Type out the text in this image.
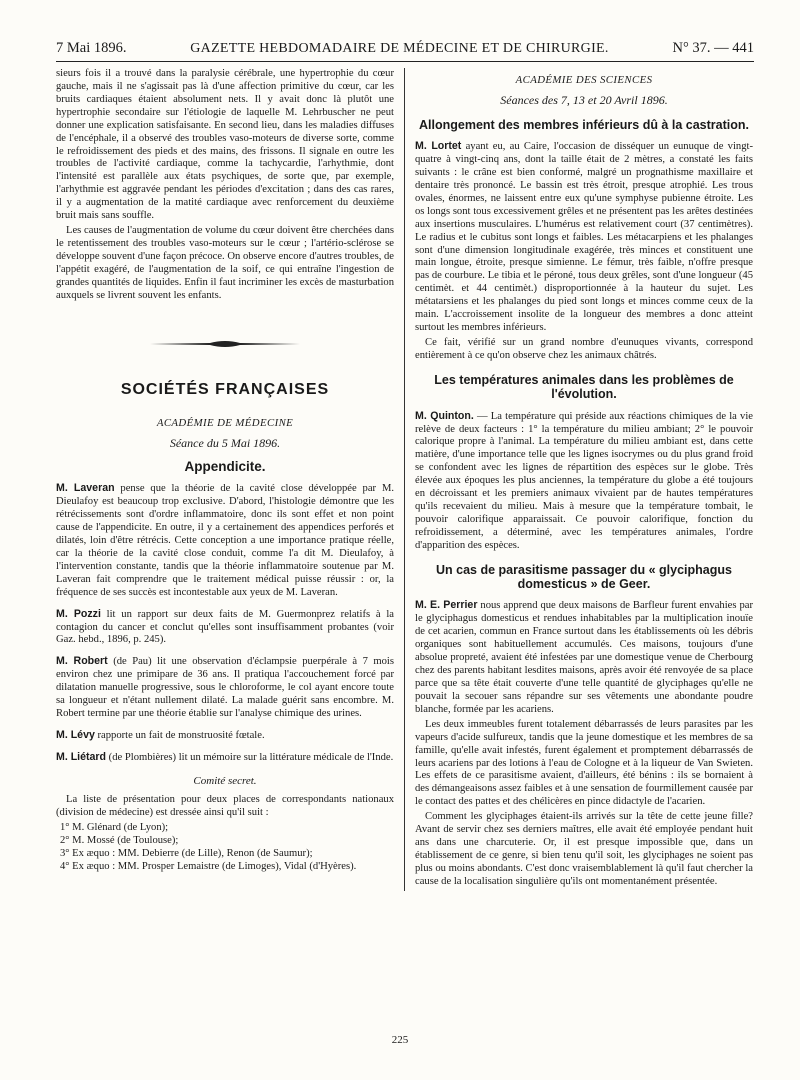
7 Mai 1896.	GAZETTE HEBDOMADAIRE DE MÉDECINE ET DE CHIRURGIE.	N° 37. — 441

sieurs fois il a trouvé dans la paralysie cérébrale, une hypertrophie du cœur gauche, mais il ne s'agissait pas là d'une affection primitive du cœur, car les bruits cardiaques étaient absolument nets. Il y avait donc là plutôt une hypertrophie secondaire sur l'étiologie de laquelle M. Lehrbuscher ne peut donner une explication satisfaisante. En second lieu, dans les maladies diffuses de l'encéphale, il a observé des troubles vaso-moteurs de diverse sorte, comme le refroidissement des pieds et des mains, des frissons. Il signale en outre les troubles de l'activité cardiaque, comme la tachycardie, l'arhythmie, dont l'intensité est parallèle aux états psychiques, de sorte que, par exemple, l'arhythmie est aggravée pendant les périodes d'excitation ; dans des cas rares, il y a augmentation de la matité cardiaque avec renforcement du deuxième bruit mais sans souffle.

Les causes de l'augmentation de volume du cœur doivent être cherchées dans le retentissement des troubles vaso-moteurs sur le cœur ; l'artério-sclérose se développe souvent d'une façon précoce. On observe encore d'autres troubles, de l'appétit exagéré, de l'augmentation de la soif, ce qui entraîne l'ingestion de grandes quantités de liquides. Enfin il faut incriminer les excès de masturbation auxquels se livrent souvent les enfants.

SOCIÉTÉS FRANÇAISES
ACADÉMIE DE MÉDECINE
Séance du 5 Mai 1896.
Appendicite.

M. Laveran pense que la théorie de la cavité close développée par M. Dieulafoy est beaucoup trop exclusive. D'abord, l'histologie démontre que les rétrécissements sont d'ordre inflammatoire, donc ils sont effet et non point cause de l'appendicite. En outre, il y a certainement des appendices perforés et dilatés, loin d'être rétrécis. Cette conception a une importance pratique réelle, car la théorie de la cavité close conduit, comme l'a dit M. Dieulafoy, à l'intervention constante, tandis que la théorie inflammatoire soutenue par M. Laveran fait comprendre que le traitement médical puisse réussir : or, la fréquence de ses succès est incontestable aux yeux de M. Laveran.

M. Pozzi lit un rapport sur deux faits de M. Guermonprez relatifs à la contagion du cancer et conclut qu'elles sont insuffisamment probantes (voir Gaz. hebd., 1896, p. 245).

M. Robert (de Pau) lit une observation d'éclampsie puerpérale à 7 mois environ chez une primipare de 36 ans. Il pratiqua l'accouchement forcé par dilatation manuelle progressive, sous le chloroforme, le col ayant encore toute sa longueur et n'étant nullement dilaté. La malade guérit sans encombre. M. Robert termine par une théorie établie sur l'analyse chimique des urines.

M. Lévy rapporte un fait de monstruosité fœtale.

M. Liétard (de Plombières) lit un mémoire sur la littérature médicale de l'Inde.

Comité secret.

La liste de présentation pour deux places de correspondants nationaux (division de médecine) est dressée ainsi qu'il suit :

1° M. Glénard (de Lyon);
2° M. Mossé (de Toulouse);
3° Ex æquo : MM. Debierre (de Lille), Renon (de Saumur);
4° Ex æquo : MM. Prosper Lemaistre (de Limoges), Vidal (d'Hyères).
ACADÉMIE DES SCIENCES
Séances des 7, 13 et 20 Avril 1896.
Allongement des membres inférieurs dû à la castration.

M. Lortet ayant eu, au Caire, l'occasion de disséquer un eunuque de vingt-quatre à vingt-cinq ans, dont la taille était de 2 mètres, a constaté les faits suivants : le crâne est bien conformé, malgré un prognathisme maxillaire et dentaire très prononcé. Le bassin est très étroit, presque atrophié. Les trous ovales, énormes, ne laissent entre eux qu'une symphyse pubienne étroite. Les os longs sont tous excessivement grêles et ne présentent pas les arêtes destinées aux insertions musculaires. L'humérus est relativement court (37 centimètres). Le radius et le cubitus sont longs et faibles. Les métacarpiens et les phalanges sont d'une dimension longitudinale exagérée, très minces et constituent une main longue, étroite, presque simienne. Le fémur, très faible, n'offre presque pas de courbure. Le tibia et le péroné, tous deux grêles, sont d'une longueur (45 centimèt. et 44 centimèt.) disproportionnée à la hauteur du sujet. Les métatarsiens et les phalanges du pied sont longs et minces comme ceux de la main. L'accroissement insolite de la longueur des membres a donc atteint surtout les membres inférieurs.

Ce fait, vérifié sur un grand nombre d'eunuques vivants, correspond entièrement à ce qu'on observe chez les animaux châtrés.

Les températures animales dans les problèmes de l'évolution.

M. Quinton. — La température qui préside aux réactions chimiques de la vie relève de deux facteurs : 1° la température du milieu ambiant; 2° le pouvoir calorique propre à l'animal. La température du milieu ambiant est, dans cette matière, d'une importance telle que les lignes isocrymes ou du plus grand froid se confondent avec les lignes de répartition des espèces sur le globe. Très élevée aux époques les plus anciennes, la température du globe a été toujours en décroissant et les premiers animaux vivaient par de hautes températures qu'ils recevaient du milieu. Mais à mesure que la température tombait, le pouvoir calorifique apparaissait. Ce pouvoir calorifique, fonction du refroidissement, a déterminé, avec les températures animales, l'ordre d'apparition des espèces.

Un cas de parasitisme passager du « glyciphagus domesticus » de Geer.

M. E. Perrier nous apprend que deux maisons de Barfleur furent envahies par le glyciphagus domesticus et rendues inhabitables par la multiplication inouïe de cet acarien, commun en France surtout dans les établissements où les débris organiques sont habituellement accumulés. Ces maisons, toujours d'une absolue propreté, avaient été infestées par une domestique venue de Cherbourg chez des parents habitant lesdites maisons, après avoir été renvoyée de sa place parce que sa tête était couverte d'une telle quantité de glyciphages qu'elle ne pouvait la secouer sans répandre sur ses vêtements une abondante poudre blanche, formée par les acariens.

Les deux immeubles furent totalement débarrassés de leurs parasites par les vapeurs d'acide sulfureux, tandis que la jeune domestique et les membres de sa famille, qu'elle avait infestés, furent également et promptement débarrassés de leurs acariens par des lotions à l'eau de Cologne et à la liqueur de Van Swieten. Les effets de ce parasitisme avaient, d'ailleurs, été bénins : ils se bornaient à des démangeaisons assez faibles et à une sensation de fourmillement causée par le contact des pattes et des chélicères en pince didactyle de l'acarien.

Comment les glyciphages étaient-ils arrivés sur la tête de cette jeune fille? Avant de servir chez ses derniers maîtres, elle avait été employée pendant huit ans dans une charcuterie. Or, il est presque impossible que, dans un établissement de ce genre, si bien tenu qu'il soit, les glyciphages ne soient pas plus ou moins abondants. C'est donc vraisemblablement là qu'il faut chercher la cause de la localisation singulière qu'ils ont momentanément présentée.

225
